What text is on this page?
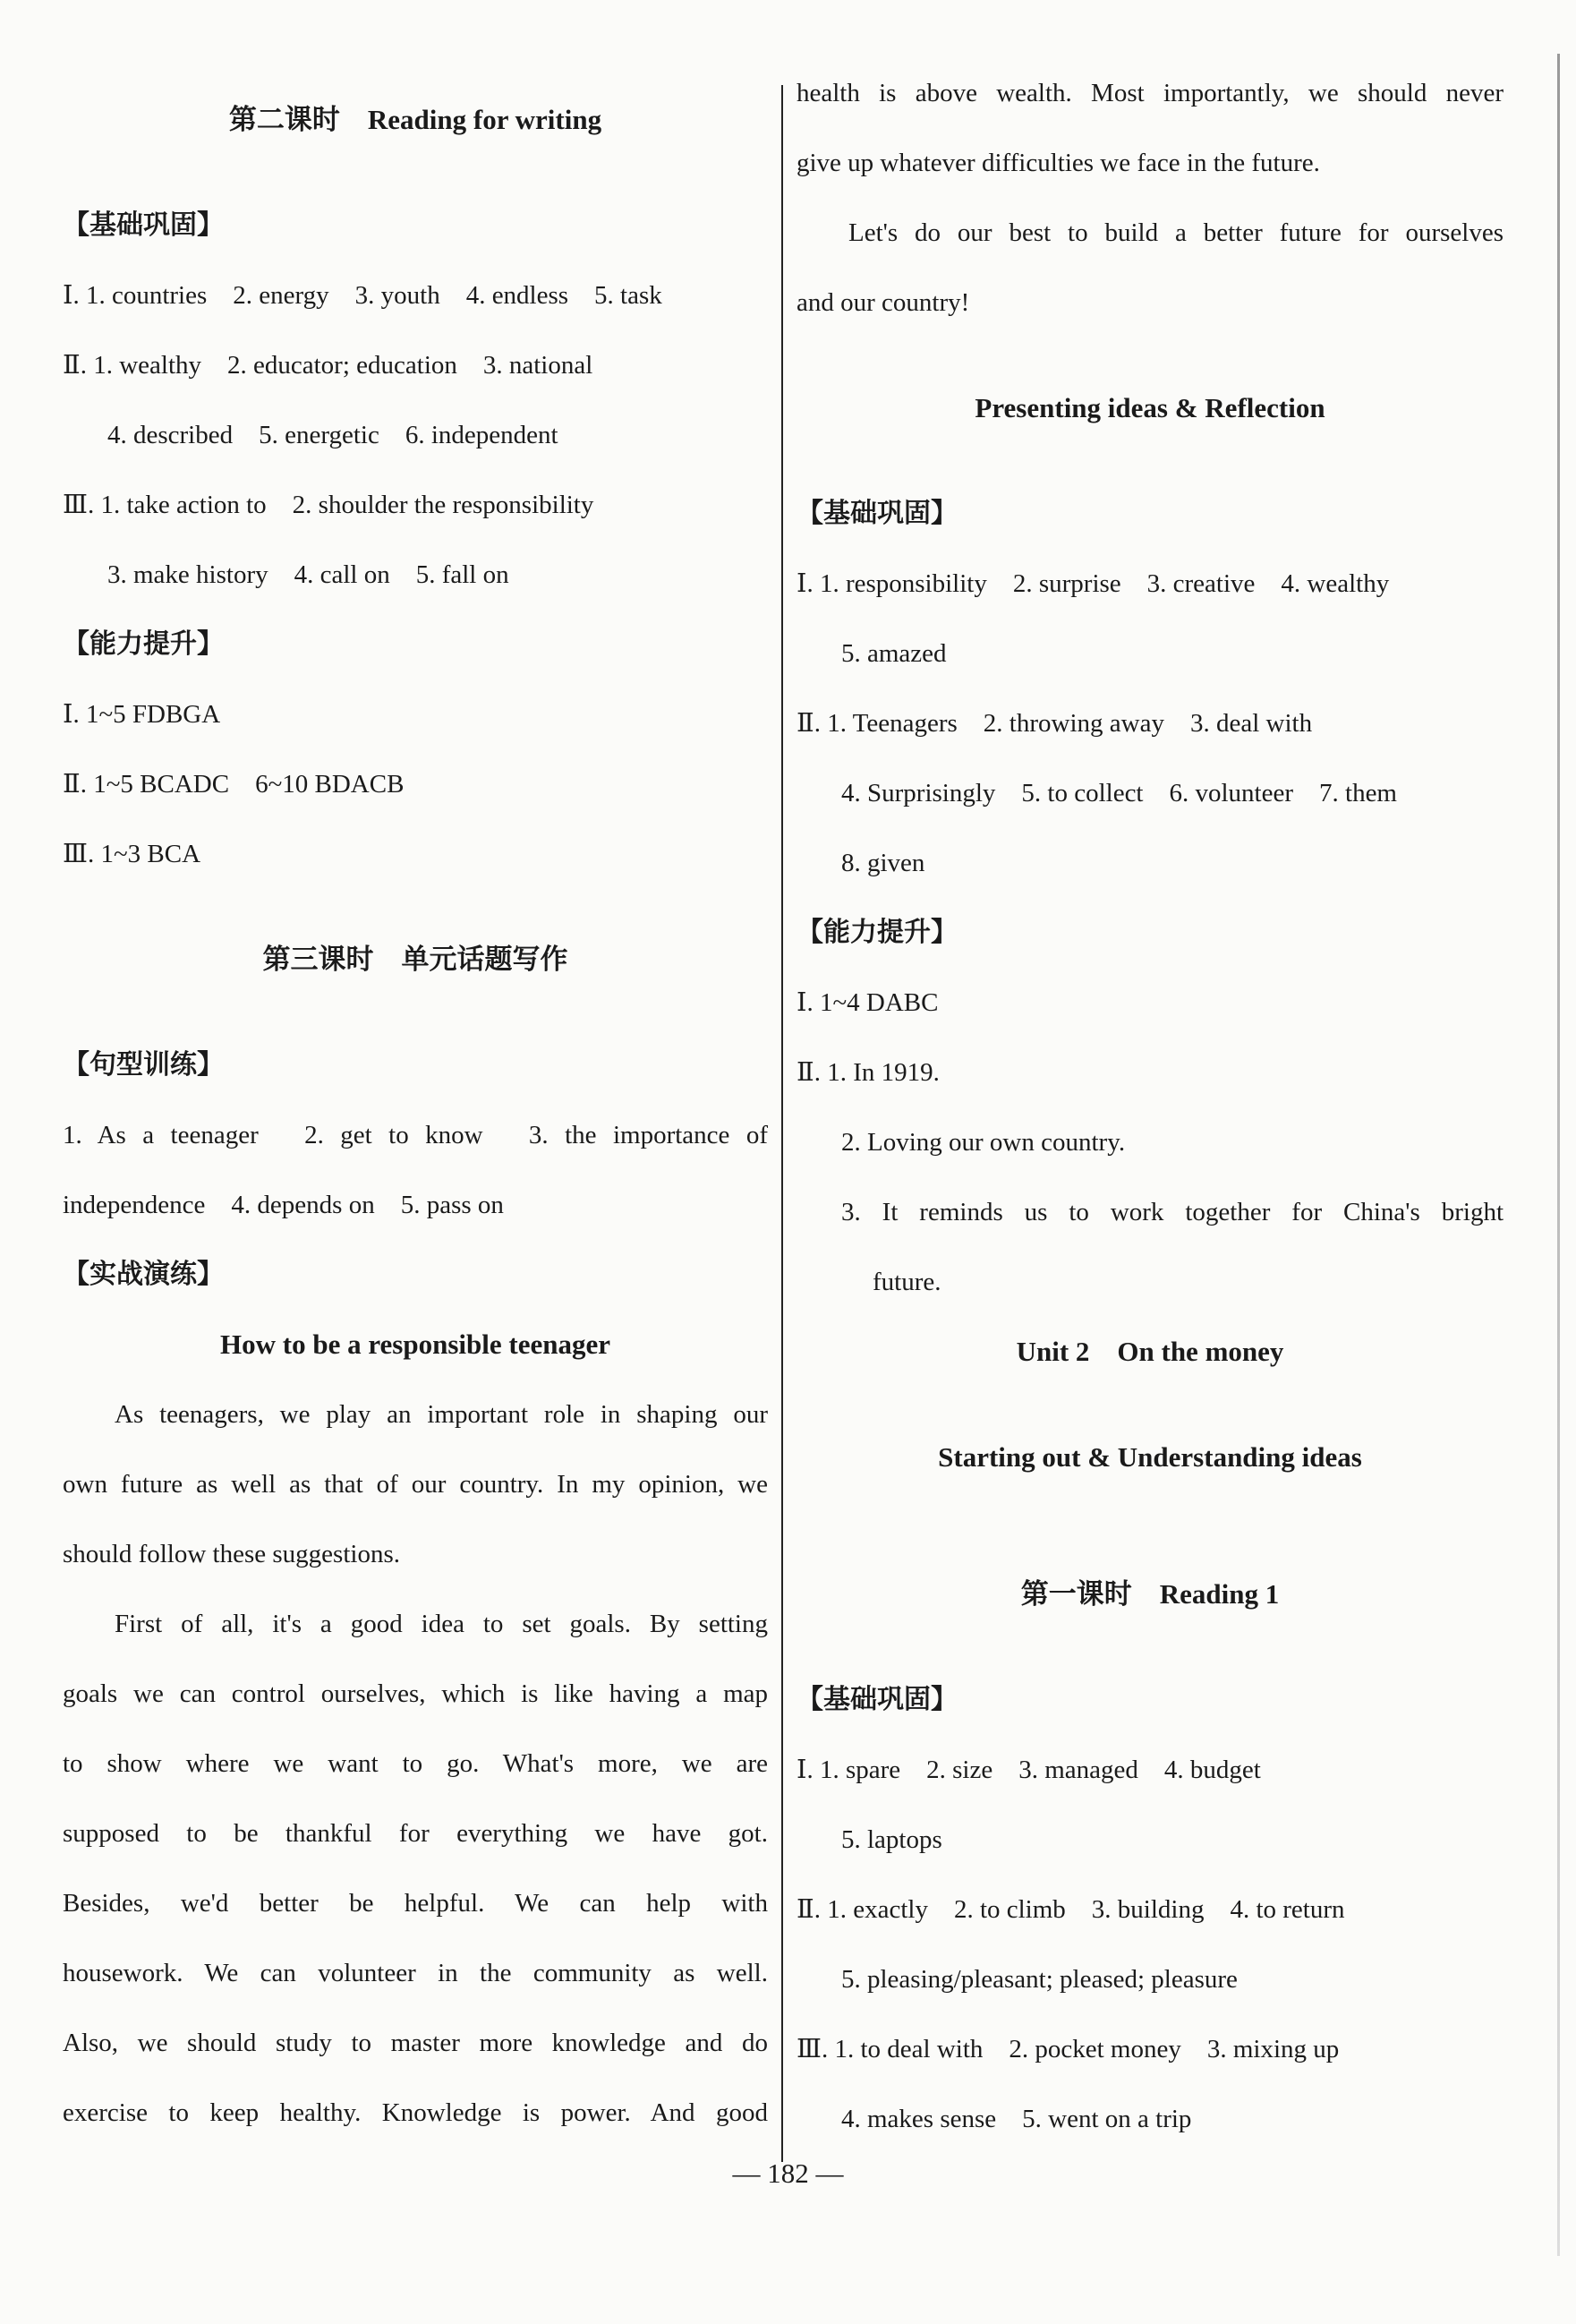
第二课时　Reading for writing
【基础巩固】
Ⅰ. 1. countries　2. energy　3. youth　4. endless　5. task
Ⅱ. 1. wealthy　2. educator; education　3. national
4. described　5. energetic　6. independent
Ⅲ. 1. take action to　2. shoulder the responsibility
3. make history　4. call on　5. fall on
【能力提升】
Ⅰ. 1~5 FDBGA
Ⅱ. 1~5 BCADC　6~10 BDACB
Ⅲ. 1~3 BCA
第三课时　单元话题写作
【句型训练】
1. As a teenager　2. get to know　3. the importance of
independence　4. depends on　5. pass on
【实战演练】
How to be a responsible teenager
As teenagers, we play an important role in shaping our
own future as well as that of our country. In my opinion, we
should follow these suggestions.
First of all, it's a good idea to set goals. By setting
goals we can control ourselves, which is like having a map
to show where we want to go. What's more, we are
supposed to be thankful for everything we have got.
Besides, we'd better be helpful. We can help with
housework. We can volunteer in the community as well.
Also, we should study to master more knowledge and do
exercise to keep healthy. Knowledge is power. And good
health is above wealth. Most importantly, we should never
give up whatever difficulties we face in the future.
Let's do our best to build a better future for ourselves
and our country!
Presenting ideas & Reflection
【基础巩固】
Ⅰ. 1. responsibility　2. surprise　3. creative　4. wealthy
5. amazed
Ⅱ. 1. Teenagers　2. throwing away　3. deal with
4. Surprisingly　5. to collect　6. volunteer　7. them
8. given
【能力提升】
Ⅰ. 1~4 DABC
Ⅱ. 1. In 1919.
2. Loving our own country.
3. It reminds us to work together for China's bright
future.
Unit 2　On the money
Starting out & Understanding ideas
第一课时　Reading 1
【基础巩固】
Ⅰ. 1. spare　2. size　3. managed　4. budget
5. laptops
Ⅱ. 1. exactly　2. to climb　3. building　4. to return
5. pleasing/pleasant; pleased; pleasure
Ⅲ. 1. to deal with　2. pocket money　3. mixing up
4. makes sense　5. went on a trip
— 182 —
